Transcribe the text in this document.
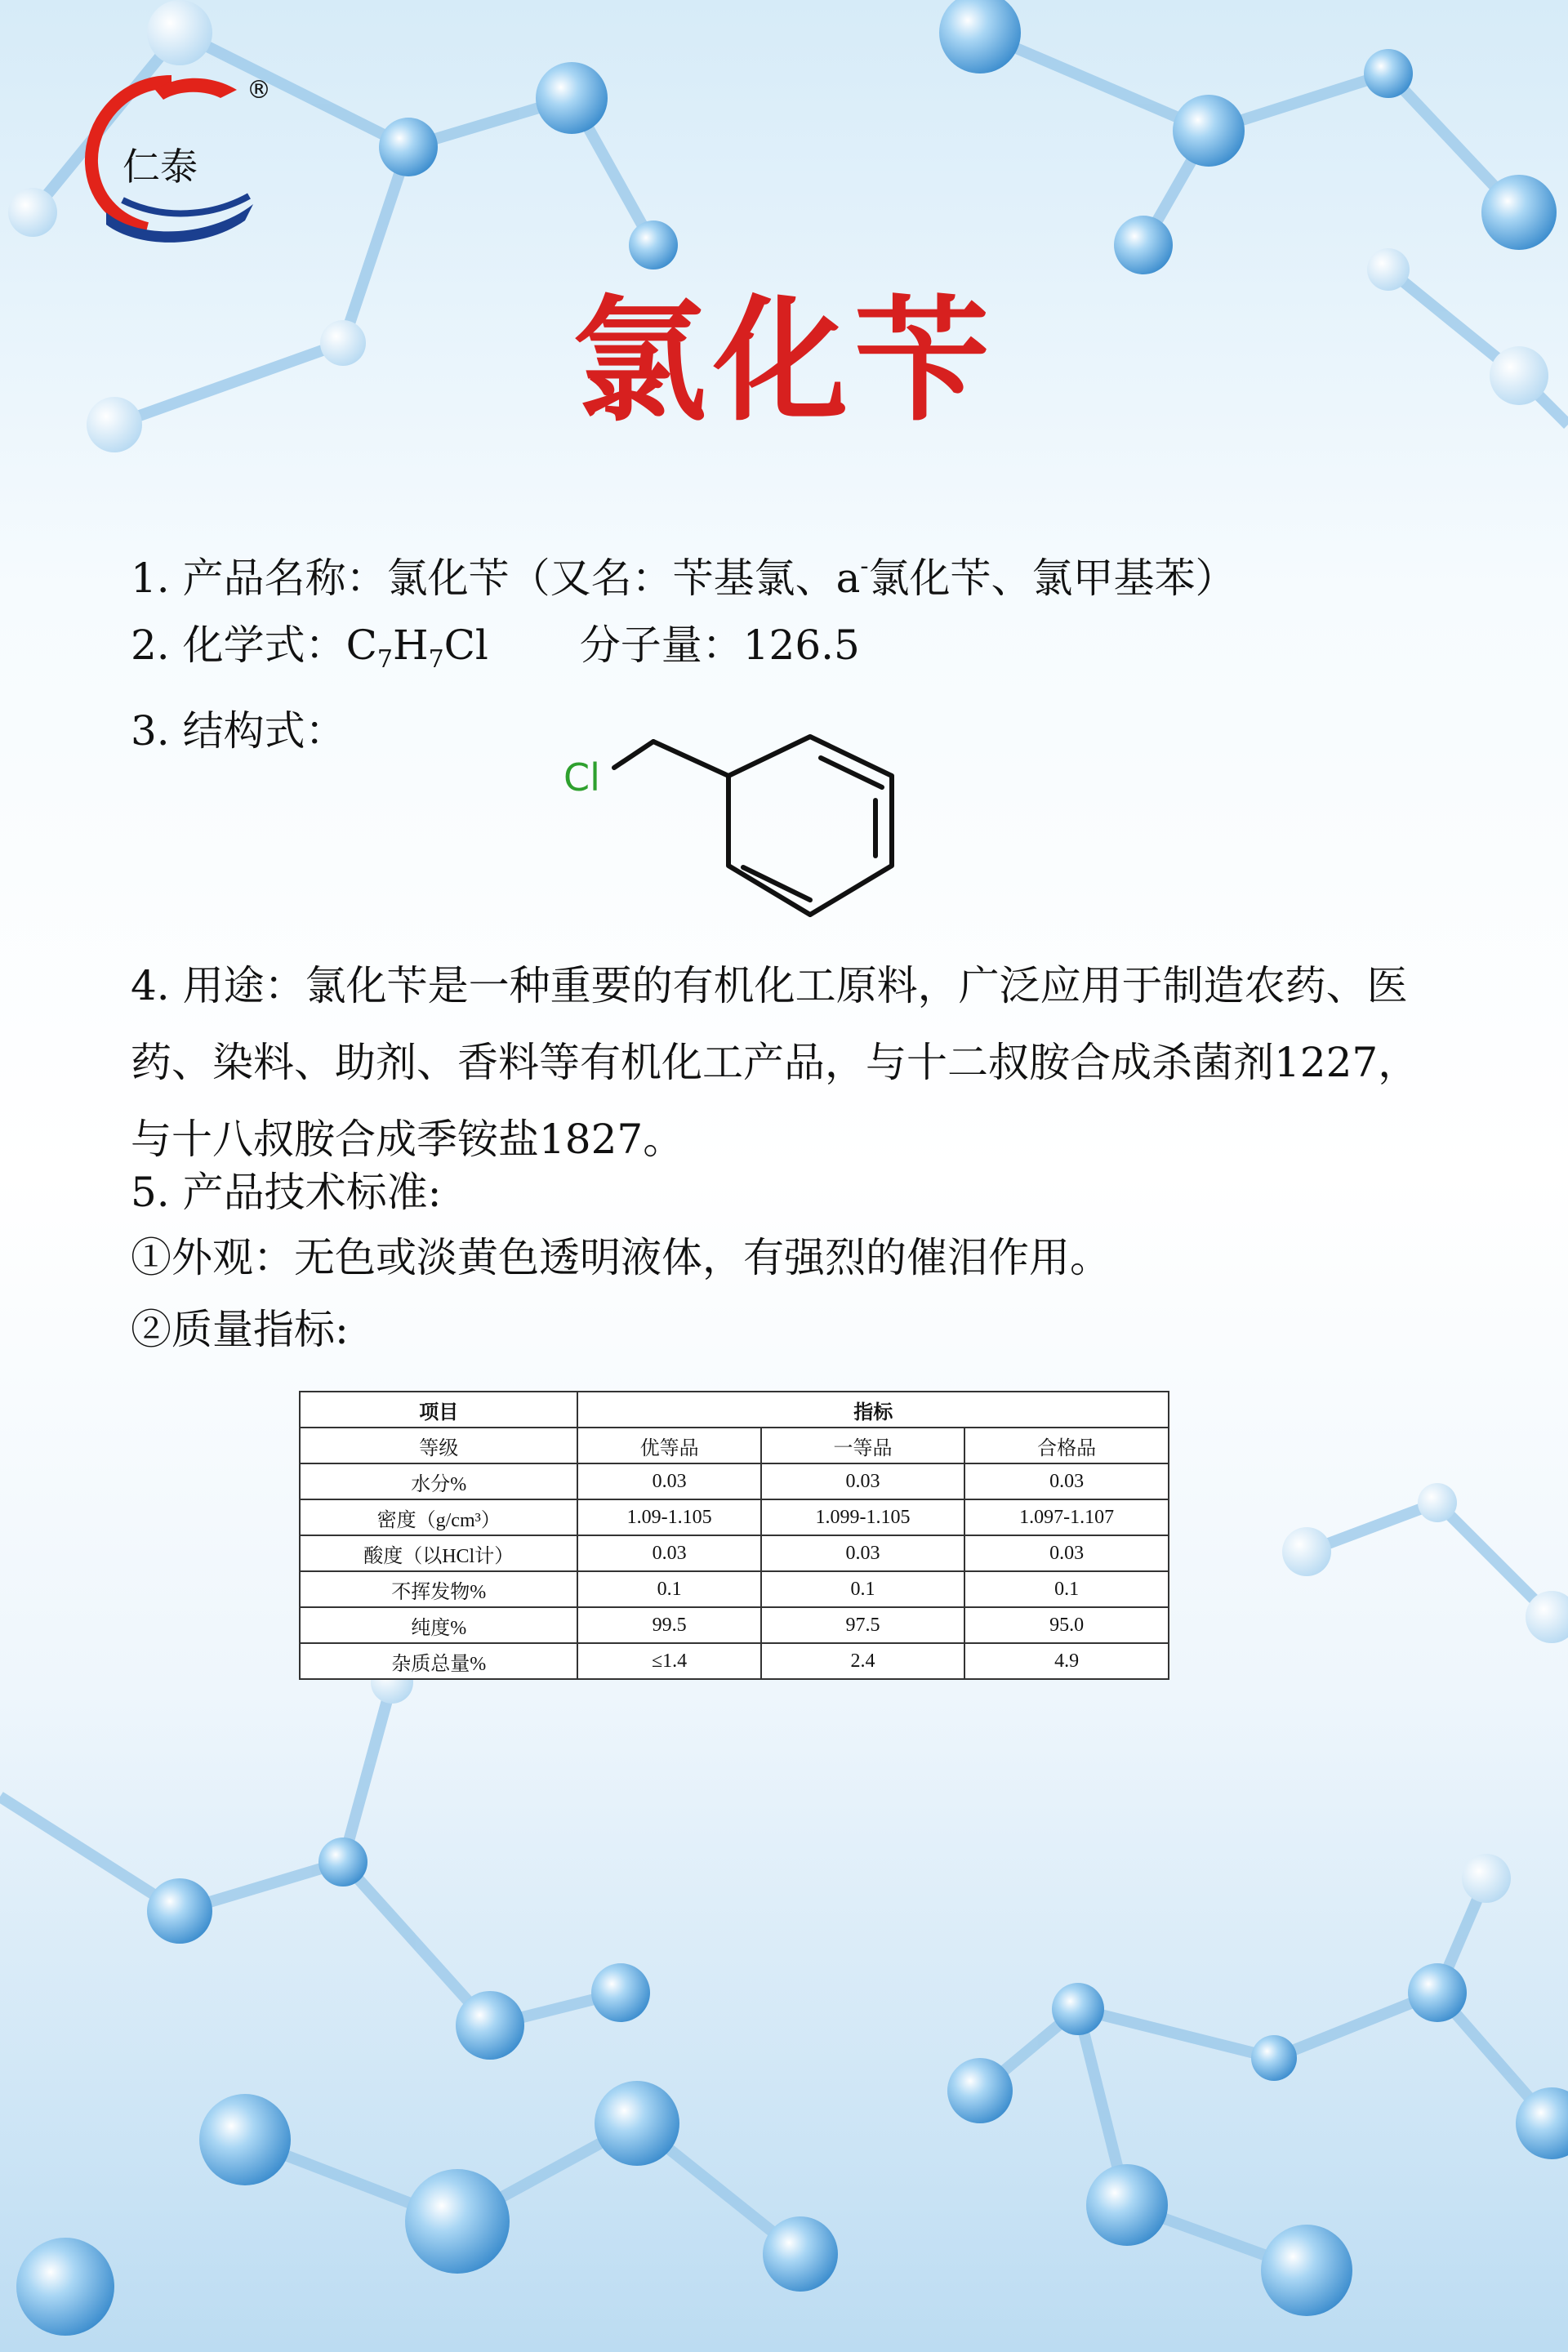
仁泰
®
氯化苄
1. 产品名称：氯化苄（又名：苄基氯、a-氯化苄、氯甲基苯）
2. 化学式：$C_7H_7Cl$ 分子量：126.5
3. 结构式：
Cl
4. 用途：氯化苄是一种重要的有机化工原料，广泛应用于制造农药、医药、染料、助剂、香料等有机化工产品，与十二叔胺合成杀菌剂1227，与十八叔胺合成季铵盐1827。
5. 产品技术标准:
①外观：无色或淡黄色透明液体，有强烈的催泪作用。
②质量指标:
项目	指标		
等级	优等品	一等品	合格品
水分%	0.03	0.03	0.03
密度（g/cm³）	1.09-1.105	1.099-1.105	1.097-1.107
酸度（以HCl计）	0.03	0.03	0.03
不挥发物%	0.1	0.1	0.1
纯度%	99.5	97.5	95.0
杂质总量%	≤1.4	2.4	4.9
